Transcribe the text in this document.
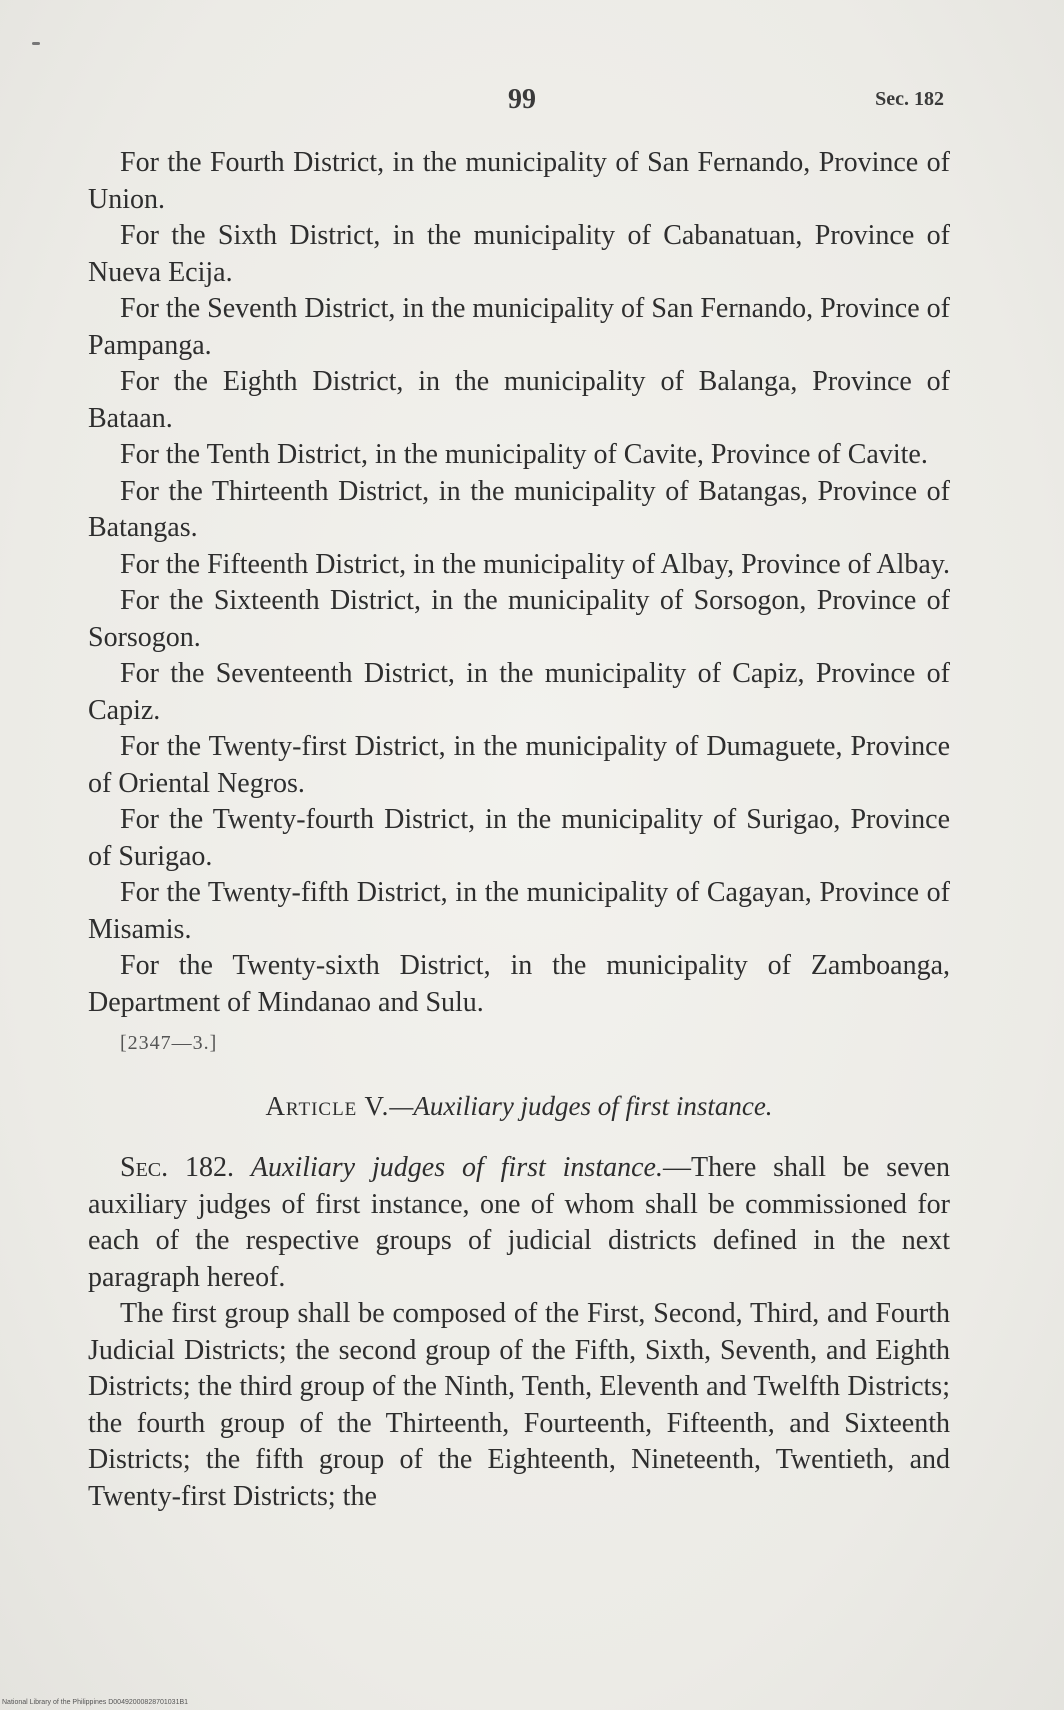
99	Sec. 182

For the Fourth District, in the municipality of San Fernando, Province of Union.

For the Sixth District, in the municipality of Cabanatuan, Province of Nueva Ecija.

For the Seventh District, in the municipality of San Fernando, Province of Pampanga.

For the Eighth District, in the municipality of Balanga, Province of Bataan.

For the Tenth District, in the municipality of Cavite, Province of Cavite.

For the Thirteenth District, in the municipality of Batangas, Province of Batangas.

For the Fifteenth District, in the municipality of Albay, Province of Albay.

For the Sixteenth District, in the municipality of Sorsogon, Province of Sorsogon.

For the Seventeenth District, in the municipality of Capiz, Province of Capiz.

For the Twenty-first District, in the municipality of Dumaguete, Province of Oriental Negros.

For the Twenty-fourth District, in the municipality of Surigao, Province of Surigao.

For the Twenty-fifth District, in the municipality of Cagayan, Province of Misamis.

For the Twenty-sixth District, in the municipality of Zamboanga, Department of Mindanao and Sulu.

[2347—3.]
Article V.—Auxiliary judges of first instance.

Sec. 182. Auxiliary judges of first instance.—There shall be seven auxiliary judges of first instance, one of whom shall be commissioned for each of the respective groups of judicial districts defined in the next paragraph hereof.

The first group shall be composed of the First, Second, Third, and Fourth Judicial Districts; the second group of the Fifth, Sixth, Seventh, and Eighth Districts; the third group of the Ninth, Tenth, Eleventh and Twelfth Districts; the fourth group of the Thirteenth, Fourteenth, Fifteenth, and Sixteenth Districts; the fifth group of the Eighteenth, Nineteenth, Twentieth, and Twenty-first Districts; the

National Library of the Philippines D00492000828701031B1
